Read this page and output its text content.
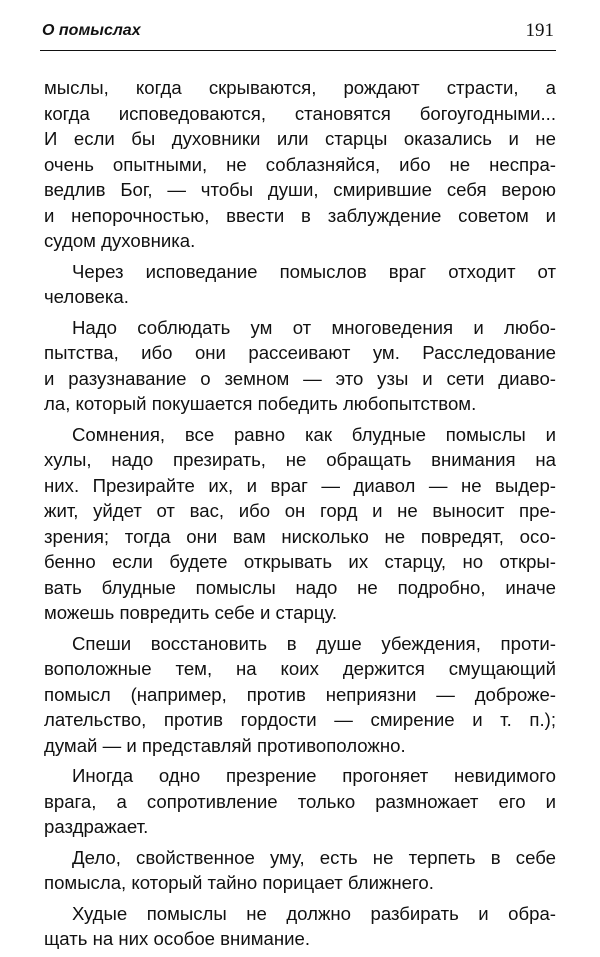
О помыслах	191
мыслы, когда скрываются, рождают страсти, а
когда исповедоваются, становятся богоугодными...
И если бы духовники или старцы оказались и не
очень опытными, не соблазняйся, ибо не неспра-
ведлив Бог, — чтобы души, смирившие себя верою
и непорочностью, ввести в заблуждение советом и
судом духовника.
Через исповедание помыслов враг отходит от
человека.
Надо соблюдать ум от многоведения и любо-
пытства, ибо они рассеивают ум. Расследование
и разузнавание о земном — это узы и сети диаво-
ла, который покушается победить любопытством.
Сомнения, все равно как блудные помыслы и
хулы, надо презирать, не обращать внимания на
них. Презирайте их, и враг — диавол — не выдер-
жит, уйдет от вас, ибо он горд и не выносит пре-
зрения; тогда они вам нисколько не повредят, осо-
бенно если будете открывать их старцу, но откры-
вать блудные помыслы надо не подробно, иначе
можешь повредить себе и старцу.
Спеши восстановить в душе убеждения, проти-
воположные тем, на коих держится смущающий
помысл (например, против неприязни — доброже-
лательство, против гордости — смирение и т. п.);
думай — и представляй противоположно.
Иногда одно презрение прогоняет невидимого
врага, а сопротивление только размножает его и
раздражает.
Дело, свойственное уму, есть не терпеть в себе
помысла, который тайно порицает ближнего.
Худые помыслы не должно разбирать и обра-
щать на них особое внимание.
